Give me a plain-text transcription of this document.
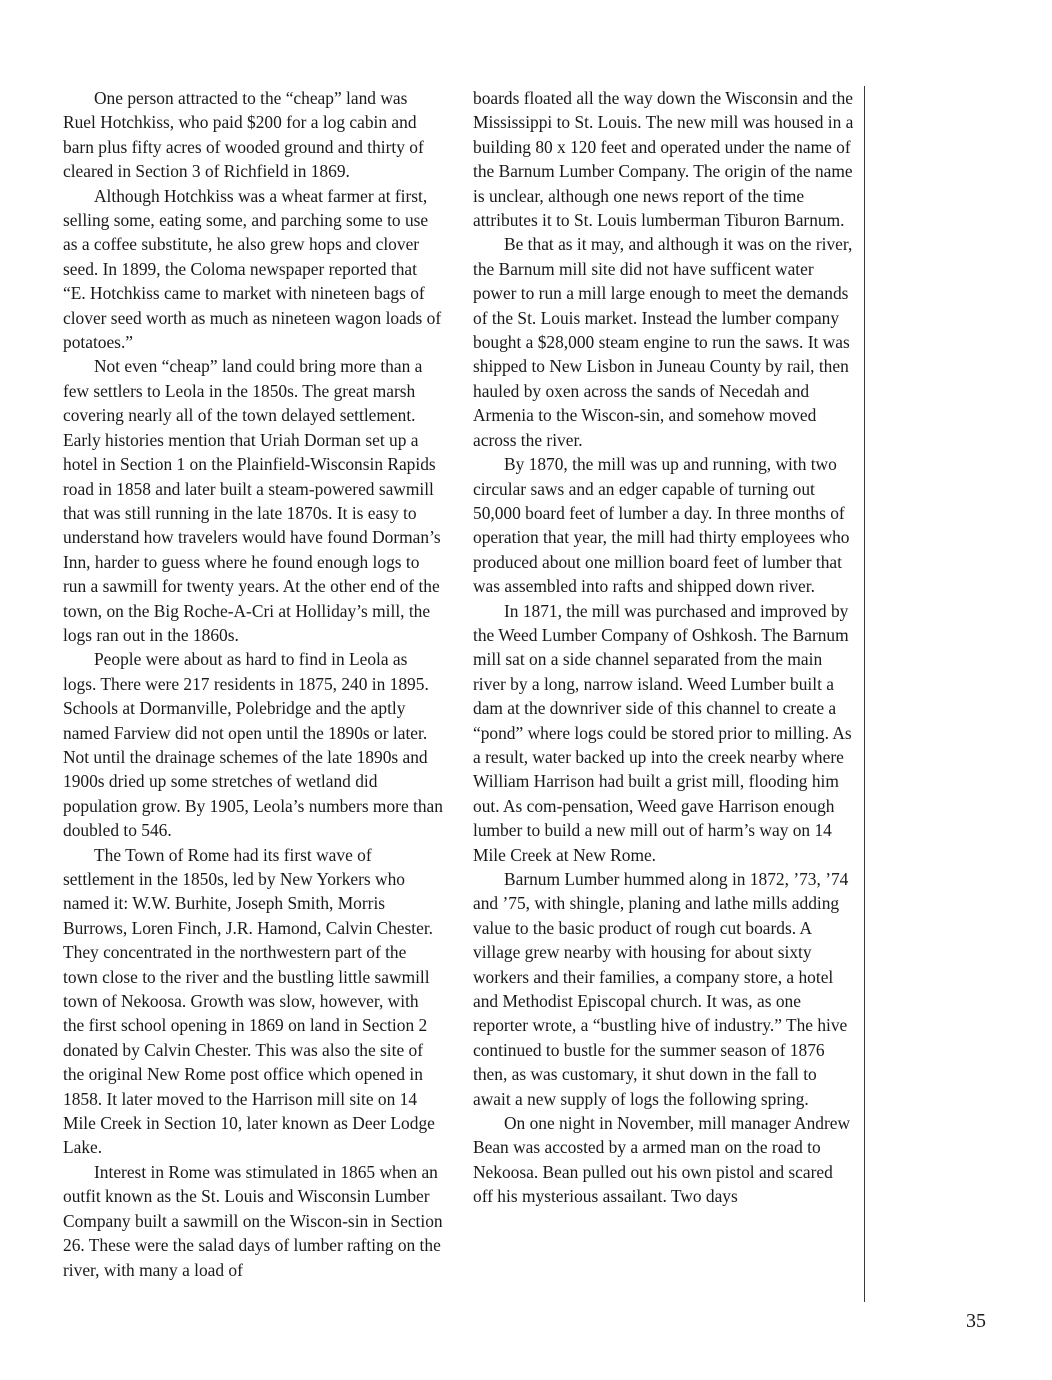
One person attracted to the “cheap” land was Ruel Hotchkiss, who paid $200 for a log cabin and barn plus fifty acres of wooded ground and thirty of cleared in Section 3 of Richfield in 1869.

Although Hotchkiss was a wheat farmer at first, selling some, eating some, and parching some to use as a coffee substitute, he also grew hops and clover seed. In 1899, the Coloma newspaper reported that “E. Hotchkiss came to market with nineteen bags of clover seed worth as much as nineteen wagon loads of potatoes.”

Not even “cheap” land could bring more than a few settlers to Leola in the 1850s. The great marsh covering nearly all of the town delayed settlement. Early histories mention that Uriah Dorman set up a hotel in Section 1 on the Plainfield-Wisconsin Rapids road in 1858 and later built a steam-powered sawmill that was still running in the late 1870s. It is easy to understand how travelers would have found Dorman’s Inn, harder to guess where he found enough logs to run a sawmill for twenty years. At the other end of the town, on the Big Roche-A-Cri at Holliday’s mill, the logs ran out in the 1860s.

People were about as hard to find in Leola as logs. There were 217 residents in 1875, 240 in 1895. Schools at Dormanville, Polebridge and the aptly named Farview did not open until the 1890s or later. Not until the drainage schemes of the late 1890s and 1900s dried up some stretches of wetland did population grow. By 1905, Leola’s numbers more than doubled to 546.

The Town of Rome had its first wave of settlement in the 1850s, led by New Yorkers who named it: W.W. Burhite, Joseph Smith, Morris Burrows, Loren Finch, J.R. Hamond, Calvin Chester. They concentrated in the northwestern part of the town close to the river and the bustling little sawmill town of Nekoosa. Growth was slow, however, with the first school opening in 1869 on land in Section 2 donated by Calvin Chester. This was also the site of the original New Rome post office which opened in 1858. It later moved to the Harrison mill site on 14 Mile Creek in Section 10, later known as Deer Lodge Lake.

Interest in Rome was stimulated in 1865 when an outfit known as the St. Louis and Wisconsin Lumber Company built a sawmill on the Wiscon-sin in Section 26. These were the salad days of lumber rafting on the river, with many a load of

boards floated all the way down the Wisconsin and the Mississippi to St. Louis. The new mill was housed in a building 80 x 120 feet and operated under the name of the Barnum Lumber Company. The origin of the name is unclear, although one news report of the time attributes it to St. Louis lumberman Tiburon Barnum.

Be that as it may, and although it was on the river, the Barnum mill site did not have sufficеnt water power to run a mill large enough to meet the demands of the St. Louis market. Instead the lumber company bought a $28,000 steam engine to run the saws. It was shipped to New Lisbon in Juneau County by rail, then hauled by oxen across the sands of Necedah and Armenia to the Wiscon-sin, and somehow moved across the river.

By 1870, the mill was up and running, with two circular saws and an edger capable of turning out 50,000 board feet of lumber a day. In three months of operation that year, the mill had thirty employees who produced about one million board feet of lumber that was assembled into rafts and shipped down river.

In 1871, the mill was purchased and improved by the Weed Lumber Company of Oshkosh. The Barnum mill sat on a side channel separated from the main river by a long, narrow island. Weed Lumber built a dam at the downriver side of this channel to create a “pond” where logs could be stored prior to milling. As a result, water backed up into the creek nearby where William Harrison had built a grist mill, flooding him out. As com-pensation, Weed gave Harrison enough lumber to build a new mill out of harm’s way on 14 Mile Creek at New Rome.

Barnum Lumber hummed along in 1872, ’73, ’74 and ’75, with shingle, planing and lathe mills adding value to the basic product of rough cut boards. A village grew nearby with housing for about sixty workers and their families, a company store, a hotel and Methodist Episcopal church. It was, as one reporter wrote, a “bustling hive of industry.” The hive continued to bustle for the summer season of 1876 then, as was customary, it shut down in the fall to await a new supply of logs the following spring.

On one night in November, mill manager Andrew Bean was accosted by a armed man on the road to Nekoosa. Bean pulled out his own pistol and scared off his mysterious assailant. Two days

35
